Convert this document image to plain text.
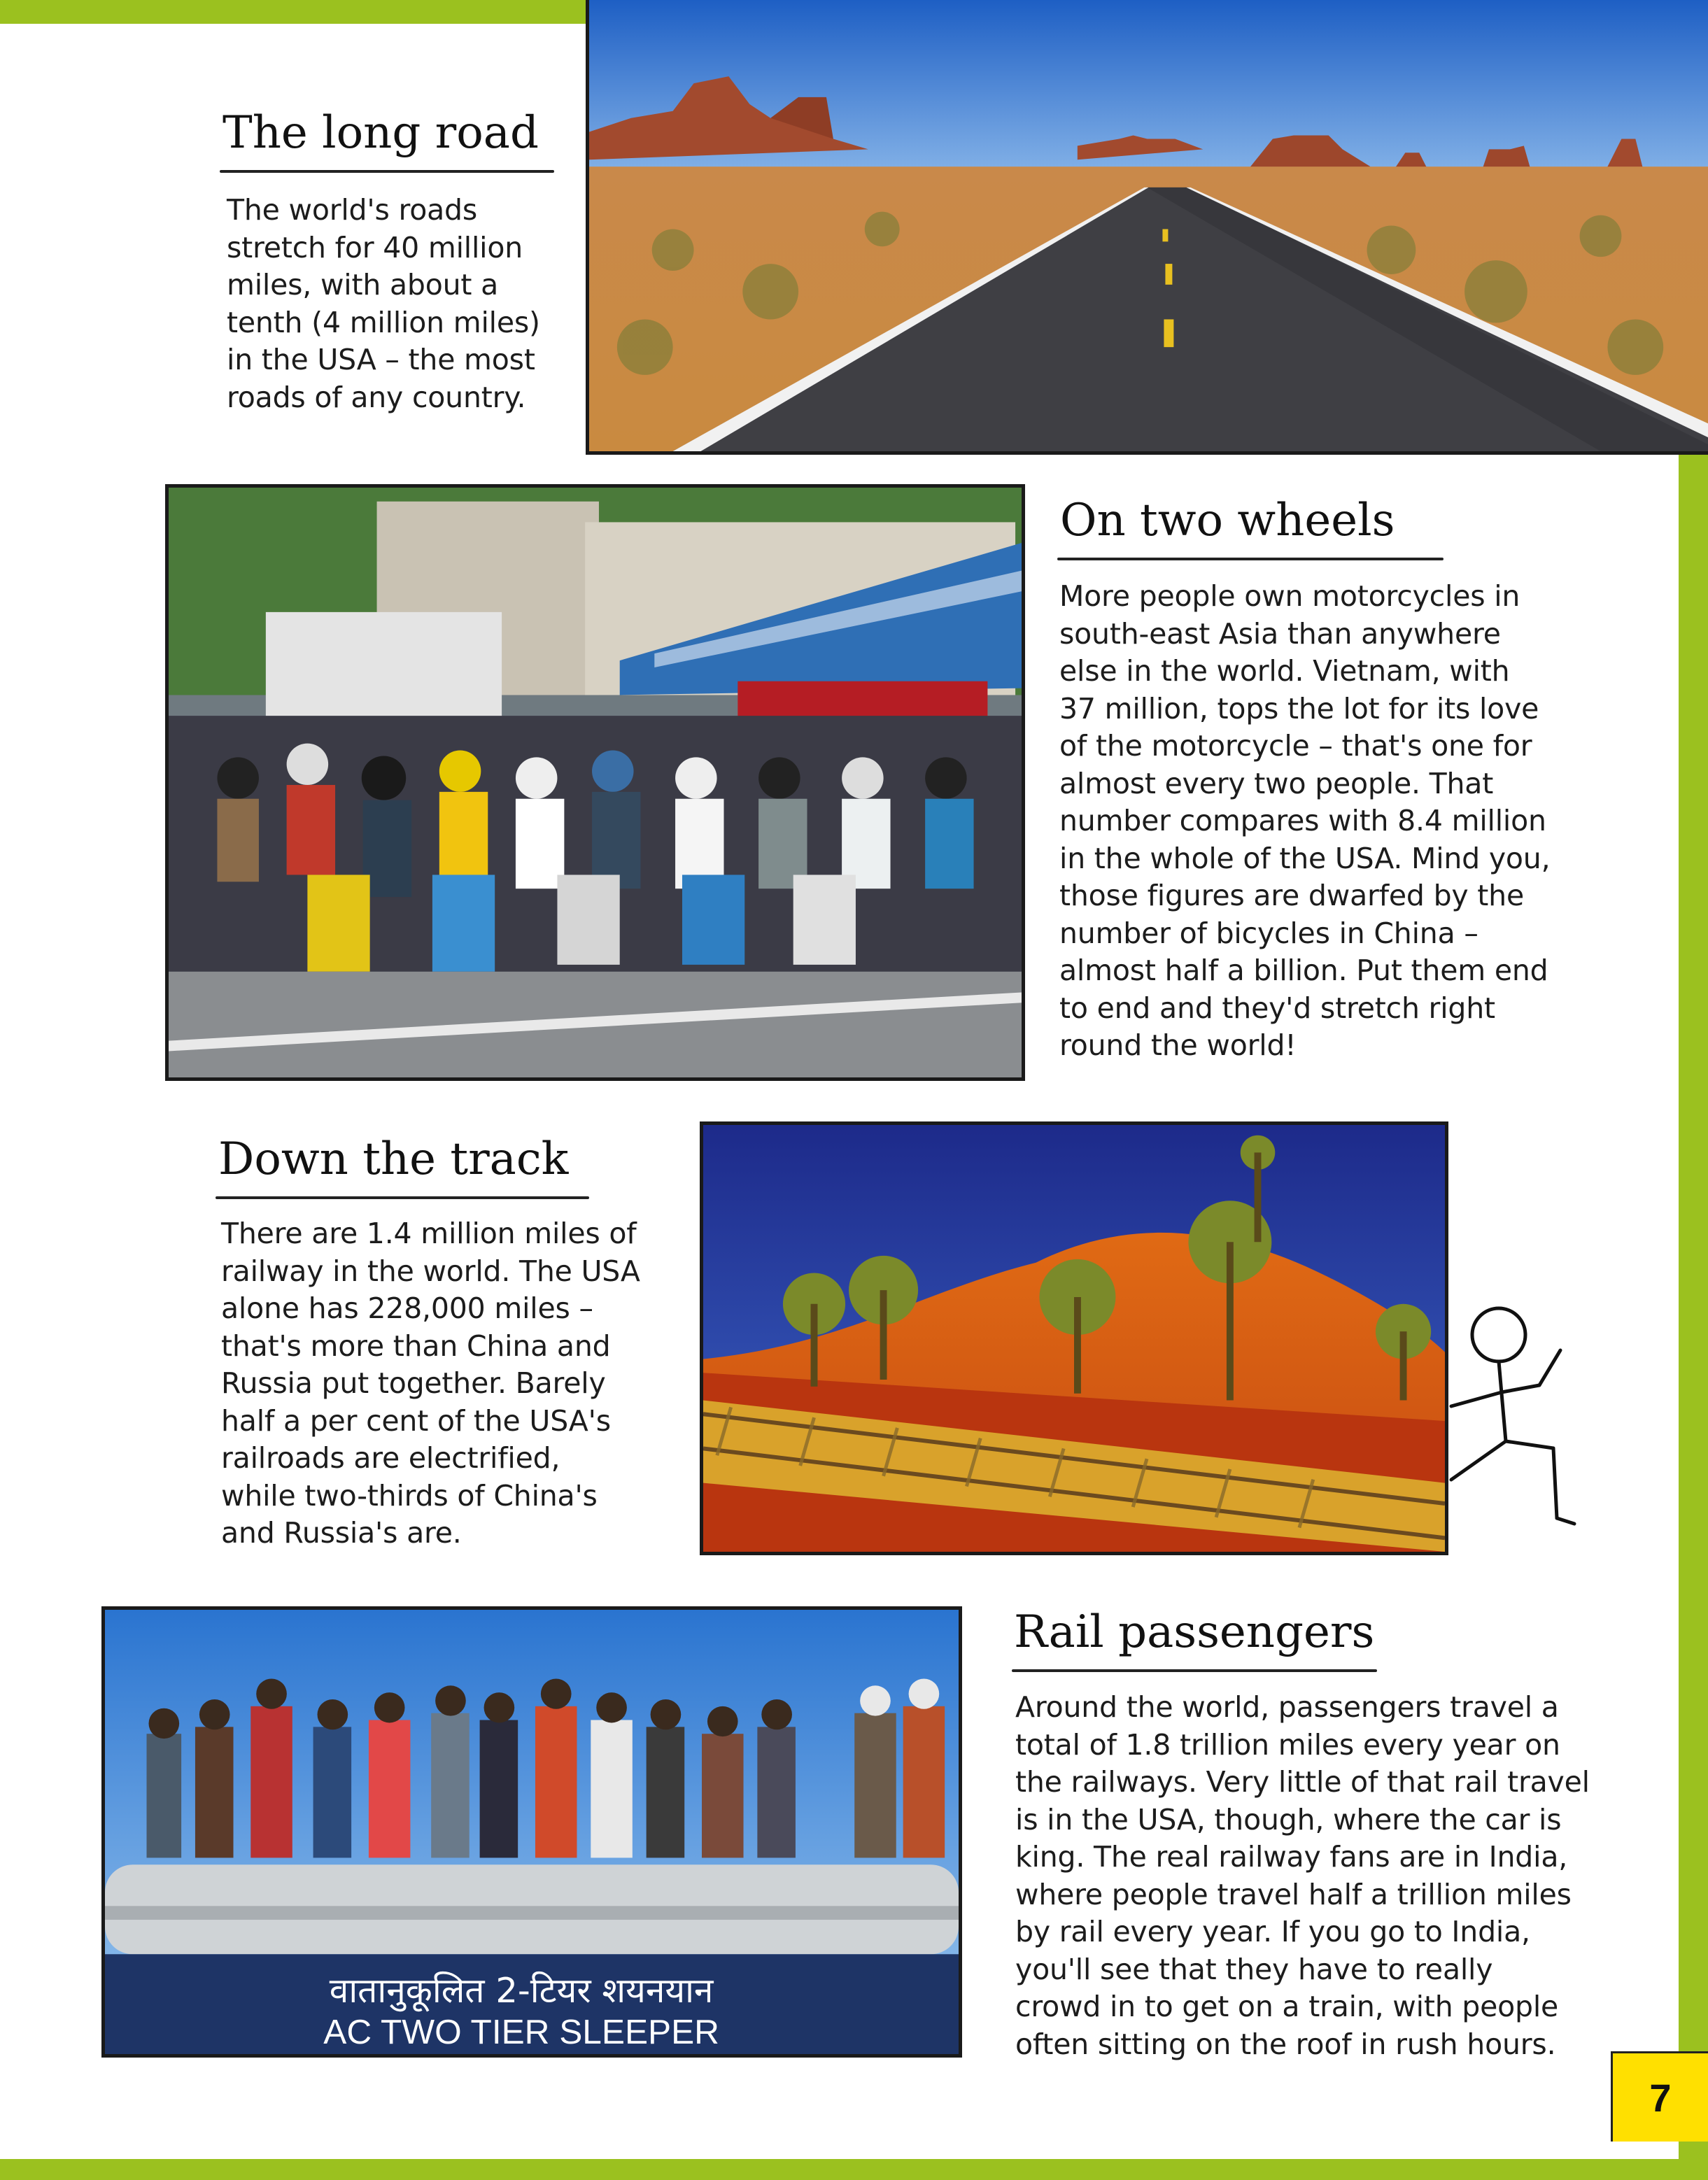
7
The long road
The world's roads
stretch for 40 million
miles, with about a
tenth (4 million miles)
in the USA – the most
roads of any country.
On two wheels
More people own motorcycles in
south-east Asia than anywhere
else in the world. Vietnam, with
37 million, tops the lot for its love
of the motorcycle – that's one for
almost every two people. That
number compares with 8.4 million
in the whole of the USA. Mind you,
those figures are dwarfed by the
number of bicycles in China –
almost half a billion. Put them end
to end and they'd stretch right
round the world!
Down the track
There are 1.4 million miles of
railway in the world. The USA
alone has 228,000 miles –
that's more than China and
Russia put together. Barely
half a per cent of the USA's
railroads are electrified,
while two-thirds of China's
and Russia's are.
वातानुकूलित 2-टियर शयनयान
AC TWO TIER SLEEPER
Rail passengers
Around the world, passengers travel a
total of 1.8 trillion miles every year on
the railways. Very little of that rail travel
is in the USA, though, where the car is
king. The real railway fans are in India,
where people travel half a trillion miles
by rail every year. If you go to India,
you'll see that they have to really
crowd in to get on a train, with people
often sitting on the roof in rush hours.
